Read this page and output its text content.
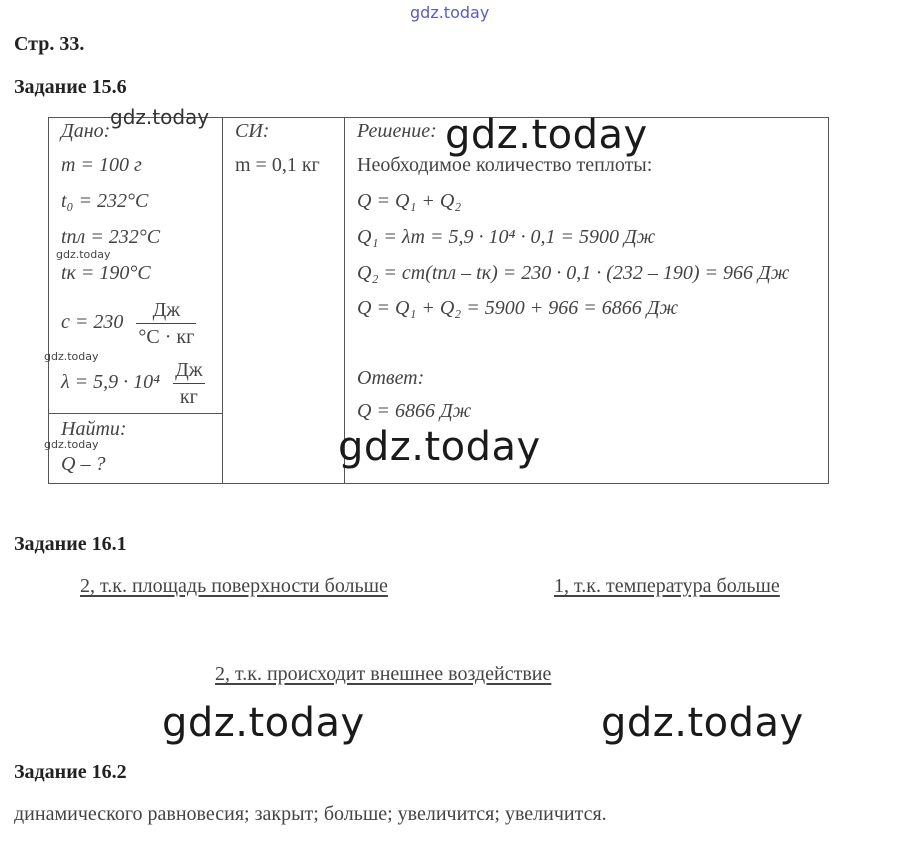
gdz.today
Стр. 33.
Задание 15.6
Дано:
m = 100 г
t₀ = 232°C
tпл = 232°C
tк = 190°C
$c = 230 \frac{Дж}{^\circ C \cdot кг}$
$\lambda = 5,9 \cdot 10^4 \frac{Дж}{кг}$
Найти:
Q – ?
СИ:
m = 0,1 кг
Решение:
Необходимое количество теплоты:
Q = Q₁ + Q₂
Q₁ = λm = 5,9 · 10⁴ · 0,1 = 5900 Дж
Q₂ = cm(tпл – tк) = 230 · 0,1 · (232 – 190) = 966 Дж
Q = Q₁ + Q₂ = 5900 + 966 = 6866 Дж
Ответ:
Q = 6866 Дж
Задание 16.1
2, т.к. площадь поверхности больше	1, т.к. температура больше
2, т.к. происходит внешнее воздействие
Задание 16.2
динамического равновесия; закрыт; больше; увеличится; увеличится.
gdz.today	gdz.today
gdz.today
gdz.today
gdz.today	gdz.today
gdz.today	gdz.today
